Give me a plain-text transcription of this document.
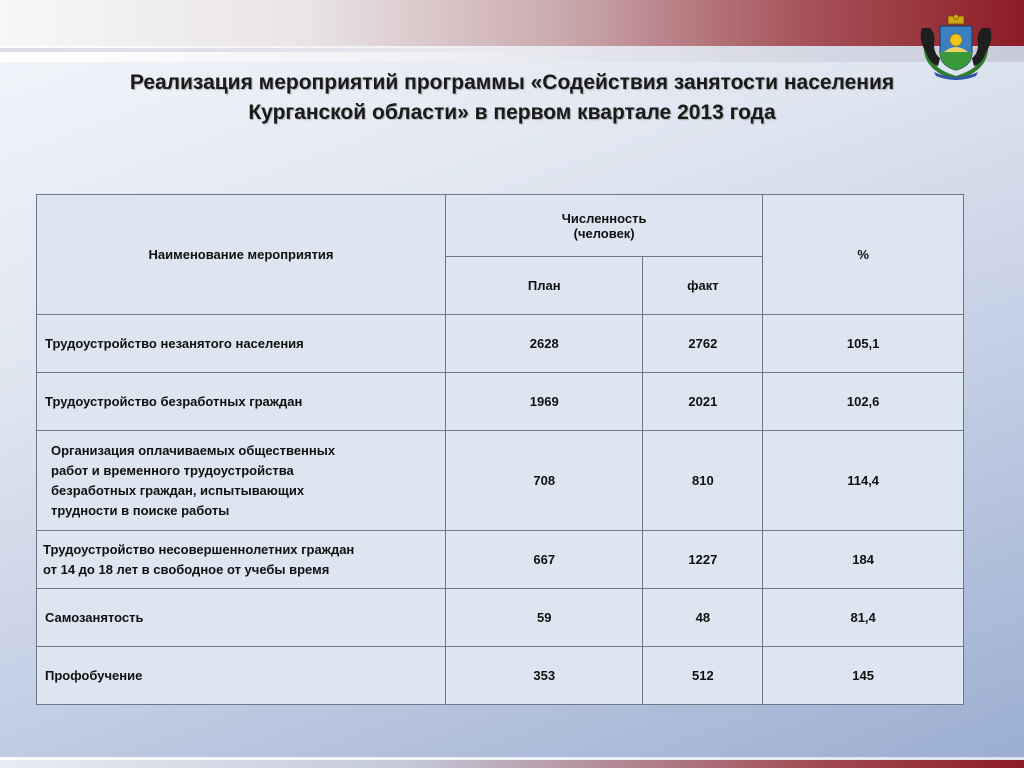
Реализация мероприятий программы «Содействия занятости населения
Курганской области» в первом квартале 2013 года
Наименование мероприятия	Численность
(человек)		%
	План	факт	

Трудоустройство незанятого населения	2628	2762	105,1

Трудоустройство безработных граждан	1969	2021	102,6

Организация оплачиваемых общественных
работ и временного трудоустройства
безработных граждан, испытывающих
трудности в поиске работы	708	810	114,4

Трудоустройство несовершеннолетних граждан
от 14 до 18 лет в свободное от учебы время	667	1227	184

Самозанятость	59	48	81,4

Профобучение	353	512	145
